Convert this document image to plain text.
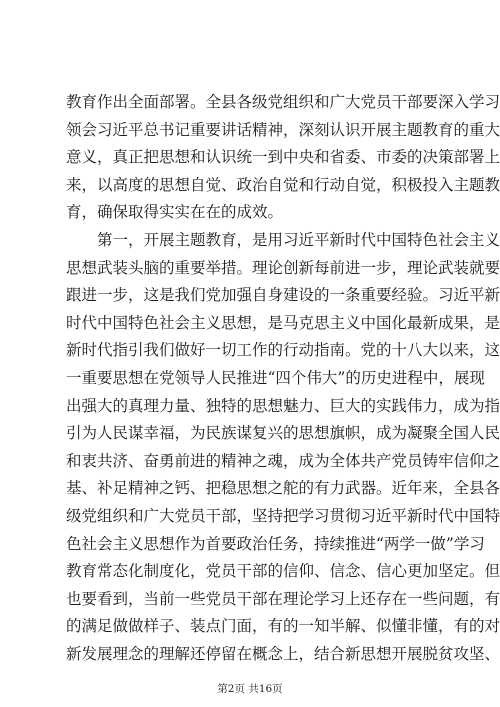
教育作出全面部署。全县各级党组织和广大党员干部要深入学习
领会习近平总书记重要讲话精神，深刻认识开展主题教育的重大
意义，真正把思想和认识统一到中央和省委、市委的决策部署上
来，以高度的思想自觉、政治自觉和行动自觉，积极投入主题教
育，确保取得实实在在的成效。
　　第一，开展主题教育，是用习近平新时代中国特色社会主义
思想武装头脑的重要举措。理论创新每前进一步，理论武装就要
跟进一步，这是我们党加强自身建设的一条重要经验。习近平新
时代中国特色社会主义思想，是马克思主义中国化最新成果，是
新时代指引我们做好一切工作的行动指南。党的十八大以来，这
一重要思想在党领导人民推进“四个伟大”的历史进程中，展现
出强大的真理力量、独特的思想魅力、巨大的实践伟力，成为指
引为人民谋幸福，为民族谋复兴的思想旗帜，成为凝聚全国人民
和衷共济、奋勇前进的精神之魂，成为全体共产党员铸牢信仰之
基、补足精神之钙、把稳思想之舵的有力武器。近年来，全县各
级党组织和广大党员干部，坚持把学习贯彻习近平新时代中国特
色社会主义思想作为首要政治任务，持续推进“两学一做”学习
教育常态化制度化，党员干部的信仰、信念、信心更加坚定。但
也要看到，当前一些党员干部在理论学习上还存在一些问题，有
的满足做做样子、装点门面，有的一知半解、似懂非懂，有的对
新发展理念的理解还停留在概念上，结合新思想开展脱贫攻坚、
第2页 共16页
